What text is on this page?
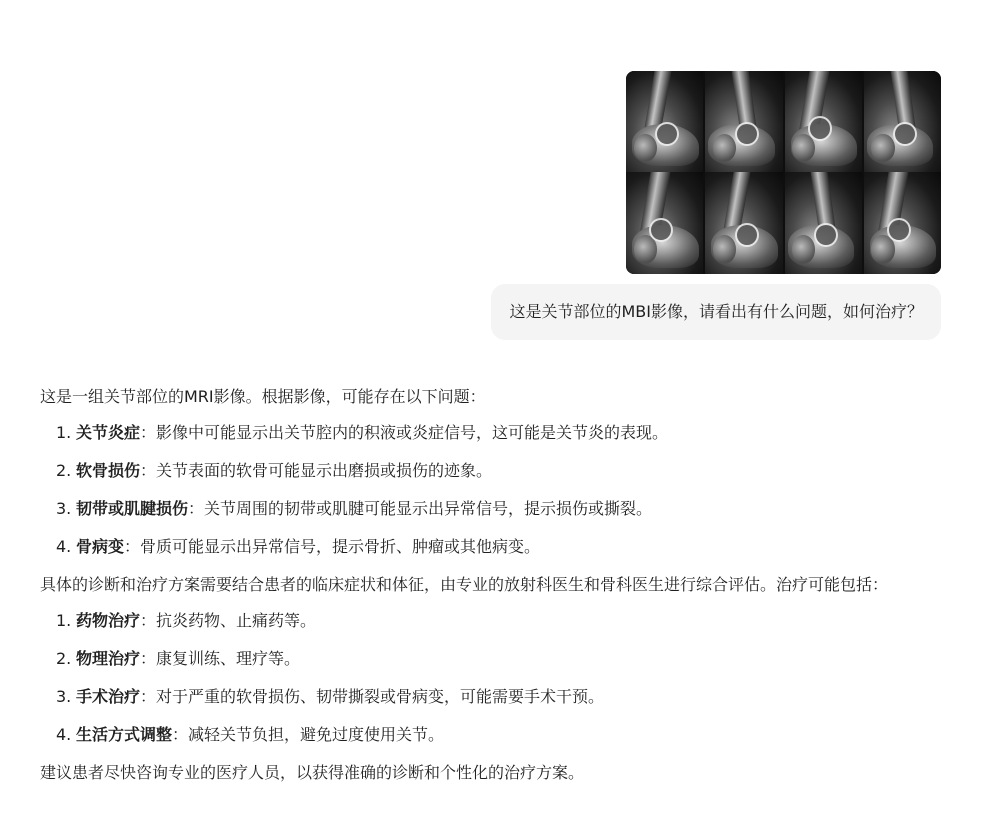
这是关节部位的MBI影像，请看出有什么问题，如何治疗？

这是一组关节部位的MRI影像。根据影像，可能存在以下问题：

1. 关节炎症：影像中可能显示出关节腔内的积液或炎症信号，这可能是关节炎的表现。
2. 软骨损伤：关节表面的软骨可能显示出磨损或损伤的迹象。
3. 韧带或肌腱损伤：关节周围的韧带或肌腱可能显示出异常信号，提示损伤或撕裂。
4. 骨病变：骨质可能显示出异常信号，提示骨折、肿瘤或其他病变。

具体的诊断和治疗方案需要结合患者的临床症状和体征，由专业的放射科医生和骨科医生进行综合评估。治疗可能包括：

1. 药物治疗：抗炎药物、止痛药等。
2. 物理治疗：康复训练、理疗等。
3. 手术治疗：对于严重的软骨损伤、韧带撕裂或骨病变，可能需要手术干预。
4. 生活方式调整：减轻关节负担，避免过度使用关节。

建议患者尽快咨询专业的医疗人员，以获得准确的诊断和个性化的治疗方案。
